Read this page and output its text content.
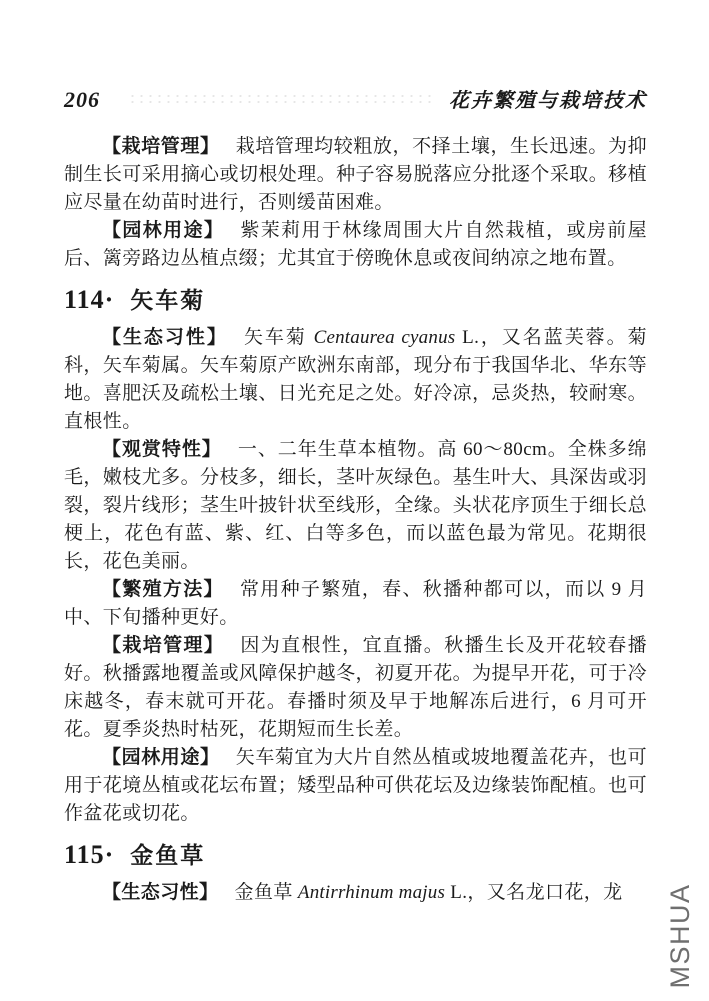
206	花卉繁殖与栽培技术

【栽培管理】 栽培管理均较粗放，不择土壤，生长迅速。为抑制生长可采用摘心或切根处理。种子容易脱落应分批逐个采取。移植应尽量在幼苗时进行，否则缓苗困难。

【园林用途】 紫茉莉用于林缘周围大片自然栽植，或房前屋后、篱旁路边丛植点缀；尤其宜于傍晚休息或夜间纳凉之地布置。

114· 矢车菊

【生态习性】 矢车菊 Centaurea cyanus L.，又名蓝芙蓉。菊科，矢车菊属。矢车菊原产欧洲东南部，现分布于我国华北、华东等地。喜肥沃及疏松土壤、日光充足之处。好冷凉，忌炎热，较耐寒。直根性。

【观赏特性】 一、二年生草本植物。高 60～80cm。全株多绵毛，嫩枝尤多。分枝多，细长，茎叶灰绿色。基生叶大、具深齿或羽裂，裂片线形；茎生叶披针状至线形，全缘。头状花序顶生于细长总梗上，花色有蓝、紫、红、白等多色，而以蓝色最为常见。花期很长，花色美丽。

【繁殖方法】 常用种子繁殖，春、秋播种都可以，而以 9 月中、下旬播种更好。

【栽培管理】 因为直根性，宜直播。秋播生长及开花较春播好。秋播露地覆盖或风障保护越冬，初夏开花。为提早开花，可于冷床越冬，春末就可开花。春播时须及早于地解冻后进行，6 月可开花。夏季炎热时枯死，花期短而生长差。

【园林用途】 矢车菊宜为大片自然丛植或坡地覆盖花卉，也可用于花境丛植或花坛布置；矮型品种可供花坛及边缘装饰配植。也可作盆花或切花。

115· 金鱼草

【生态习性】 金鱼草 Antirrhinum majus L.，又名龙口花，龙	MSHUA
